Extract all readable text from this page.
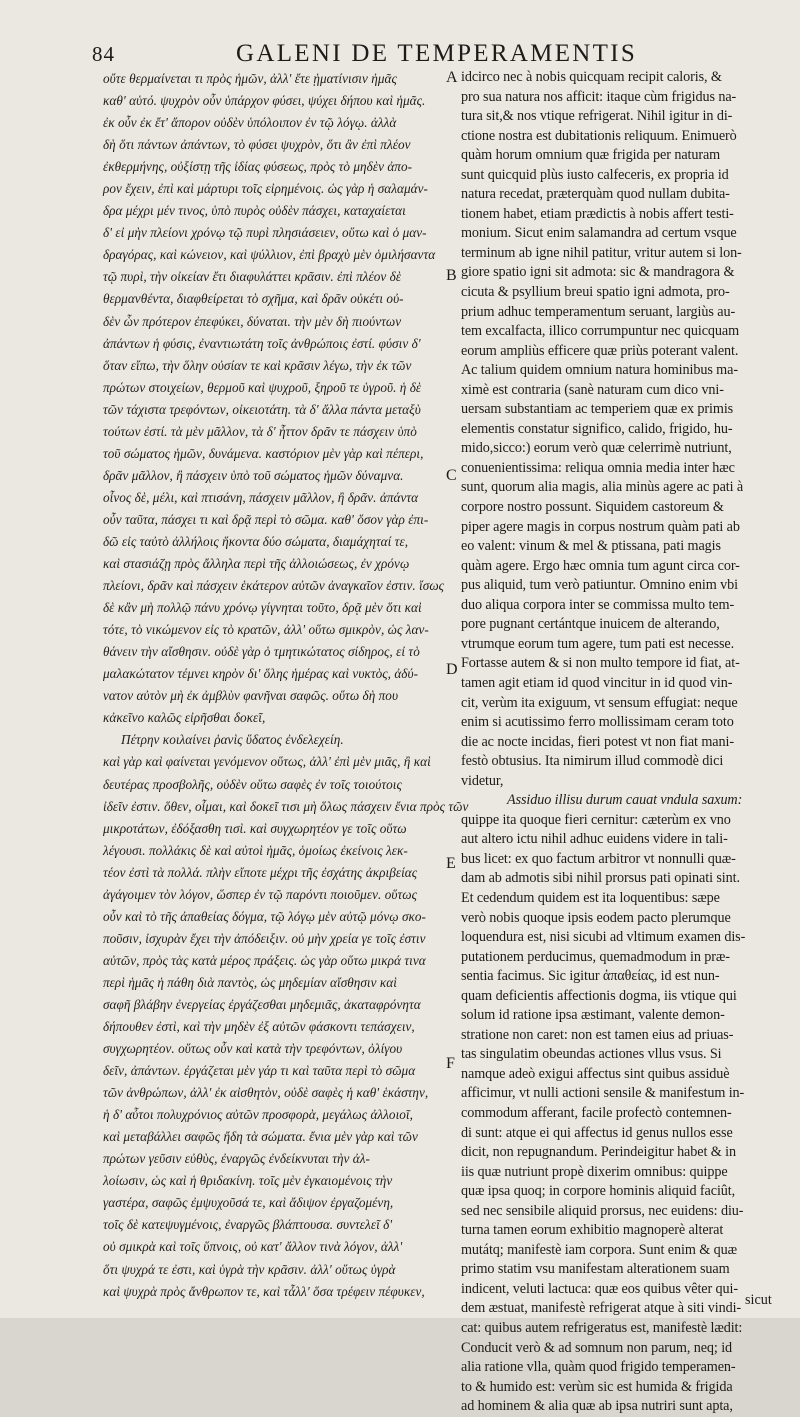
84	GALENI DE TEMPERAMENTIS
οὔτε θερμαίνεται τι πρὸς ἡμῶν, ἀλλ' ἔτε ᾑματίνισιν ἡμᾶς
καθ' αὑτό. ψυχρὸν οὖν ὑπάρχον φύσει, ψύχει δήπου καὶ ἡμᾶς.
ἐκ οὖν ἐκ ἔτ' ἄπορον οὐδὲν ὑπόλοιπον ἐν τῷ λόγῳ. ἀλλὰ
δὴ ὅτι πάντων ἀπάντων, τὸ φύσει ψυχρὸν, ὅτι ἂν ἐπὶ πλέον
ἐκθερμήνης, οὐξίστῃ τῆς ἰδίας φύσεως, πρὸς τὸ μηδὲν ἀπο-
ρον ἔχειν, ἐπὶ καὶ μάρτυρι τοῖς εἰρημένοις. ὡς γὰρ ἡ σαλαμάν-
δρα μέχρι μέν τινος, ὑπὸ πυρὸς οὐδὲν πάσχει, καταχαίεται
δ' εἰ μὴν πλείονι χρόνῳ τῷ πυρὶ πλησιάσειεν, οὕτω καὶ ὁ μαν-
δραγόρας, καὶ κώνειον, καὶ ψύλλιον, ἐπὶ βραχὺ μὲν ὁμιλήσαντα
τῷ πυρὶ, τὴν οἰκείαν ἔτι διαφυλάττει κρᾶσιν. ἐπὶ πλέον δὲ
θερμανθέντα, διαφθείρεται τὸ σχῆμα, καὶ δρᾶν οὐκέτι οὐ-
δὲν ὧν πρότερον ἐπεφύκει, δύναται. τὴν μὲν δὴ πιούντων
ἀπάντων ἡ φύσις, ἐναντιωτάτη τοῖς ἀνθρώποις ἐστί. φύσιν δ'
ὅταν εἴπω, τὴν ὅλην οὐσίαν τε καὶ κρᾶσιν λέγω, τὴν ἐκ τῶν
πρώτων στοιχείων, θερμοῦ καὶ ψυχροῦ, ξηροῦ τε ὑγροῦ. ἡ δὲ
τῶν τάχιστα τρεφόντων, οἰκειοτάτη. τὰ δ' ἄλλα πάντα μεταξὺ
τούτων ἐστί. τὰ μὲν μᾶλλον, τὰ δ' ἧττον δρᾶν τε πάσχειν ὑπὸ
τοῦ σώματος ἡμῶν, δυνάμενα. καστόριον μὲν γὰρ καὶ πέπερι,
δρᾶν μᾶλλον, ἢ πάσχειν ὑπὸ τοῦ σώματος ἡμῶν δύναμνα.
οἶνος δὲ, μέλι, καὶ πτισάνη, πάσχειν μᾶλλον, ἢ δρᾶν. ἀπάντα
οὖν ταῦτα, πάσχει τι καὶ δρᾷ περὶ τὸ σῶμα. καθ' ὅσον γὰρ ἐπι-
δῶ εἰς ταὐτὸ ἀλλήλοις ἥκοντα δύο σώματα, διαμάχηταί τε,
καὶ στασιάζῃ πρὸς ἄλληλα περὶ τῆς ἀλλοιώσεως, ἐν χρόνῳ
πλείονι, δρᾶν καὶ πάσχειν ἑκάτερον αὐτῶν ἀναγκαῖον ἐστιν. ἴσως
δὲ κἂν μὴ πολλῷ πάνυ χρόνῳ γίγνηται τοῦτο, δρᾷ μὲν ὅτι καὶ
τότε, τὸ νικώμενον εἰς τὸ κρατῶν, ἀλλ' οὕτω σμικρὸν, ὡς λαν-
θάνειν τὴν αἴσθησιν. οὐδὲ γὰρ ὁ τμητικώτατος σίδηρος, εἰ τὸ
μαλακώτατον τέμνει κηρὸν δι' ὅλης ἡμέρας καὶ νυκτὸς, ἀδύ-
νατον αὐτὸν μὴ ἐκ ἀμβλὺν φανῆναι σαφῶς. οὕτω δὴ που
κἀκεῖνο καλῶς εἰρῆσθαι δοκεῖ,
Πέτρην κοιλαίνει ῥανὶς ὕδατος ἐνδελεχείη.
καὶ γὰρ καὶ φαίνεται γενόμενον οὕτως, ἀλλ' ἐπὶ μὲν μιᾶς, ἢ καὶ
δευτέρας προσβολῆς, οὐδὲν οὕτω σαφὲς ἐν τοῖς τοιούτοις
ἰδεῖν ἐστιν. ὅθεν, οἶμαι, καὶ δοκεῖ τισι μὴ ὅλως πάσχειν ἔνια πρὸς τῶν
μικροτάτων, ἐδόξασθη τισὶ. καὶ συγχωρητέον γε τοῖς οὕτω
λέγουσι. πολλάκις δὲ καὶ αὐτοὶ ἡμᾶς, ὁμοίως ἐκείνοις λεκ-
τέον ἐστὶ τὰ πολλά. πλὴν εἴποτε μέχρι τῆς ἐσχάτης ἀκριβείας
ἀγάγοιμεν τὸν λόγον, ὥσπερ ἐν τῷ παρόντι ποιοῦμεν. οὕτως
οὖν καὶ τὸ τῆς ἀπαθείας δόγμα, τῷ λόγῳ μὲν αὐτῷ μόνῳ σκο-
ποῦσιν, ἰσχυρὰν ἔχει τὴν ἀπόδειξιν. οὐ μὴν χρεία γε τοῖς ἐστιν
αὐτῶν, πρὸς τὰς κατὰ μέρος πράξεις. ὡς γὰρ οὕτω μικρά τινα
περὶ ἡμᾶς ἡ πάθη διὰ παντὸς, ὡς μηδεμίαν αἴσθησιν καὶ
σαφῆ βλάβην ἐνεργείας ἐργάζεσθαι μηδεμιᾶς, ἀκαταφρόνητα
δήπουθεν ἐστὶ, καὶ τὴν μηδὲν ἐξ αὐτῶν φάσκοντι τεπάσχειν,
συγχωρητέον. οὕτως οὖν καὶ κατὰ τὴν τρεφόντων, ὀλίγου
δεῖν, ἀπάντων. ἐργάζεται μὲν γάρ τι καὶ ταῦτα περὶ τὸ σῶμα
τῶν ἀνθρώπων, ἀλλ' ἐκ αἰσθητὸν, οὐδὲ σαφὲς ἡ καθ' ἑκάστην,
ἡ δ' αὖτοι πολυχρόνιος αὐτῶν προσφορὰ, μεγάλως ἀλλοιοῖ,
καὶ μεταβάλλει σαφῶς ἤδη τὰ σώματα. ἔνια μὲν γὰρ καὶ τῶν
πρώτων γεῦσιν εὐθὺς, ἐναργῶς ἐνδείκνυται τὴν ἀλ-
λοίωσιν, ὡς καὶ ἡ θριδακίνη. τοῖς μὲν ἐγκαιομένοις τὴν
γαστέρα, σαφῶς ἐμψυχοῦσά τε, καὶ ἄδιψον ἐργαζομένη,
τοῖς δὲ κατεψυγμένοις, ἐναργῶς βλάπτουσα. συντελεῖ δ'
οὐ σμικρὰ καὶ τοῖς ὕπνοις, οὐ κατ' ἄλλον τινὰ λόγον, ἀλλ'
ὅτι ψυχρά τε ἐστι, καὶ ὑγρὰ τὴν κρᾶσιν. ἀλλ' οὕτως ὑγρὰ
καὶ ψυχρὰ πρὸς ἄνθρωπον τε, καὶ τἆλλ' ὅσα τρέφειν πέφυκεν,
idcirco nec à nobis quicquam recipit caloris, &
pro sua natura nos afficit: itaque cùm frigidus na-
tura sit,& nos vtique refrigerat. Nihil igitur in di-
ctione nostra est dubitationis reliquum. Enimuerò
quàm horum omnium quæ frigida per naturam
sunt quicquid plùs iusto calfeceris, ex propria id
natura recedat, præterquàm quod nullam dubita-
tionem habet, etiam prædictis à nobis affert testi-
monium. Sicut enim salamandra ad certum vsque
terminum ab igne nihil patitur, vritur autem si lon-
giore spatio igni sit admota: sic & mandragora &
cicuta & psyllium breui spatio igni admota, pro-
prium adhuc temperamentum seruant, largiùs au-
tem excalfacta, illico corrumpuntur nec quicquam
eorum ampliùs efficere quæ priùs poterant valent.
Ac talium quidem omnium natura hominibus ma-
ximè est contraria (sanè naturam cum dico vni-
uersam substantiam ac temperiem quæ ex primis
elementis constatur significo, calido, frigido, hu-
mido,sicco:) eorum verò quæ celerrimè nutriunt,
conuenientissima: reliqua omnia media inter hæc
sunt, quorum alia magis, alia minùs agere ac pati à
corpore nostro possunt. Siquidem castoreum &
piper agere magis in corpus nostrum quàm pati ab
eo valent: vinum & mel & ptissana, pati magis
quàm agere. Ergo hæc omnia tum agunt circa cor-
pus aliquid, tum verò patiuntur. Omnino enim vbi
duo aliqua corpora inter se commissa multo tem-
pore pugnant certántque inuicem de alterando,
vtrumque eorum tum agere, tum pati est necesse.
Fortasse autem & si non multo tempore id fiat, at-
tamen agit etiam id quod vincitur in id quod vin-
cit, verùm ita exiguum, vt sensum effugiat: neque
enim si acutissimo ferro mollissimam ceram toto
die ac nocte incidas, fieri potest vt non fiat mani-
festò obtusius. Ita nimirum illud commodè dici
videtur,
Assiduo illisu durum cauat vndula saxum:
quippe ita quoque fieri cernitur: cæterùm ex vno
aut altero ictu nihil adhuc euidens videre in tali-
bus licet: ex quo factum arbitror vt nonnulli quæ-
dam ab admotis sibi nihil prorsus pati opinati sint.
Et cedendum quidem est ita loquentibus: sæpe
verò nobis quoque ipsis eodem pacto plerumque
loquendura est, nisi sicubi ad vltimum examen dis-
putationem perducimus, quemadmodum in præ-
sentia facimus. Sic igitur ἀπαθείας, id est nun-
quam deficientis affectionis dogma, iis vtique qui
solum id ratione ipsa æstimant, valente demon-
stratione non caret: non est tamen eius ad priuas-
tas singulatim obeundas actiones vllus vsus. Si
namque adeò exigui affectus sint quibus assiduè
afficimur, vt nulli actioni sensile & manifestum in-
commodum afferant, facile profectò contemnen-
di sunt: atque ei qui affectus id genus nullos esse
dicit, non repugnandum. Perindeigitur habet & in
iis quæ nutriunt propè dixerim omnibus: quippe
quæ ipsa quoq; in corpore hominis aliquid faciût,
sed nec sensibile aliquid prorsus, nec euidens: diu-
turna tamen eorum exhibitio magnoperè alterat
mutátq; manifestè iam corpora. Sunt enim & quæ
primo statim vsu manifestam alterationem suam
indicent, veluti lactuca: quæ eos quibus vêter qui-
dem æstuat, manifestè refrigerat atque à siti vindi-
cat: quibus autem refrigeratus est, manifestè lædit:
Conducit verò & ad somnum non parum, neq; id
alia ratione vlla, quàm quod frigido temperamen-
to & humido est: verùm sic est humida & frigida
ad hominem & alia quæ ab ipsa nutriri sunt apta,
A
B
C
D
E
F
sicut
